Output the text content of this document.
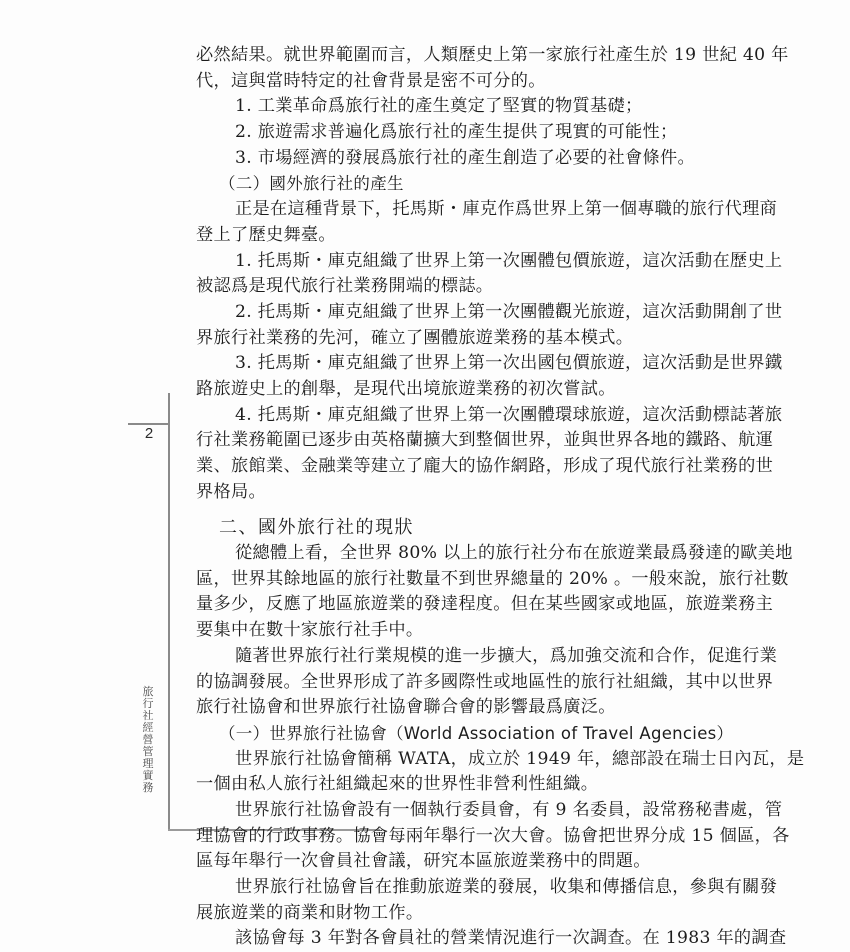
2
旅
行
社
經
營
管
理
實
務
必然結果。就世界範圍而言，人類歷史上第一家旅行社產生於 19 世紀 40 年
代，這與當時特定的社會背景是密不可分的。
1. 工業革命爲旅行社的產生奠定了堅實的物質基礎；
2. 旅遊需求普遍化爲旅行社的產生提供了現實的可能性；
3. 市場經濟的發展爲旅行社的產生創造了必要的社會條件。
（二）國外旅行社的產生
正是在這種背景下，托馬斯・庫克作爲世界上第一個專職的旅行代理商
登上了歷史舞臺。
1. 托馬斯・庫克組織了世界上第一次團體包價旅遊，這次活動在歷史上
被認爲是現代旅行社業務開端的標誌。
2. 托馬斯・庫克組織了世界上第一次團體觀光旅遊，這次活動開創了世
界旅行社業務的先河，確立了團體旅遊業務的基本模式。
3. 托馬斯・庫克組織了世界上第一次出國包價旅遊，這次活動是世界鐵
路旅遊史上的創舉，是現代出境旅遊業務的初次嘗試。
4. 托馬斯・庫克組織了世界上第一次團體環球旅遊，這次活動標誌著旅
行社業務範圍已逐步由英格蘭擴大到整個世界，並與世界各地的鐵路、航運
業、旅館業、金融業等建立了龐大的協作網路，形成了現代旅行社業務的世
界格局。
二、國外旅行社的現狀
從總體上看，全世界 80% 以上的旅行社分布在旅遊業最爲發達的歐美地
區，世界其餘地區的旅行社數量不到世界總量的 20% 。一般來說，旅行社數
量多少，反應了地區旅遊業的發達程度。但在某些國家或地區，旅遊業務主
要集中在數十家旅行社手中。
隨著世界旅行社行業規模的進一步擴大，爲加強交流和合作，促進行業
的協調發展。全世界形成了許多國際性或地區性的旅行社組織，其中以世界
旅行社協會和世界旅行社協會聯合會的影響最爲廣泛。
（一）世界旅行社協會（World Association of Travel Agencies）
世界旅行社協會簡稱 WATA，成立於 1949 年，總部設在瑞士日內瓦，是
一個由私人旅行社組織起來的世界性非營利性組織。
世界旅行社協會設有一個執行委員會，有 9 名委員，設常務秘書處，管
理協會的行政事務。協會每兩年舉行一次大會。協會把世界分成 15 個區，各
區每年舉行一次會員社會議，研究本區旅遊業務中的問題。
世界旅行社協會旨在推動旅遊業的發展，收集和傳播信息，參與有關發
展旅遊業的商業和財物工作。
該協會每 3 年對各會員社的營業情況進行一次調查。在 1983 年的調查
